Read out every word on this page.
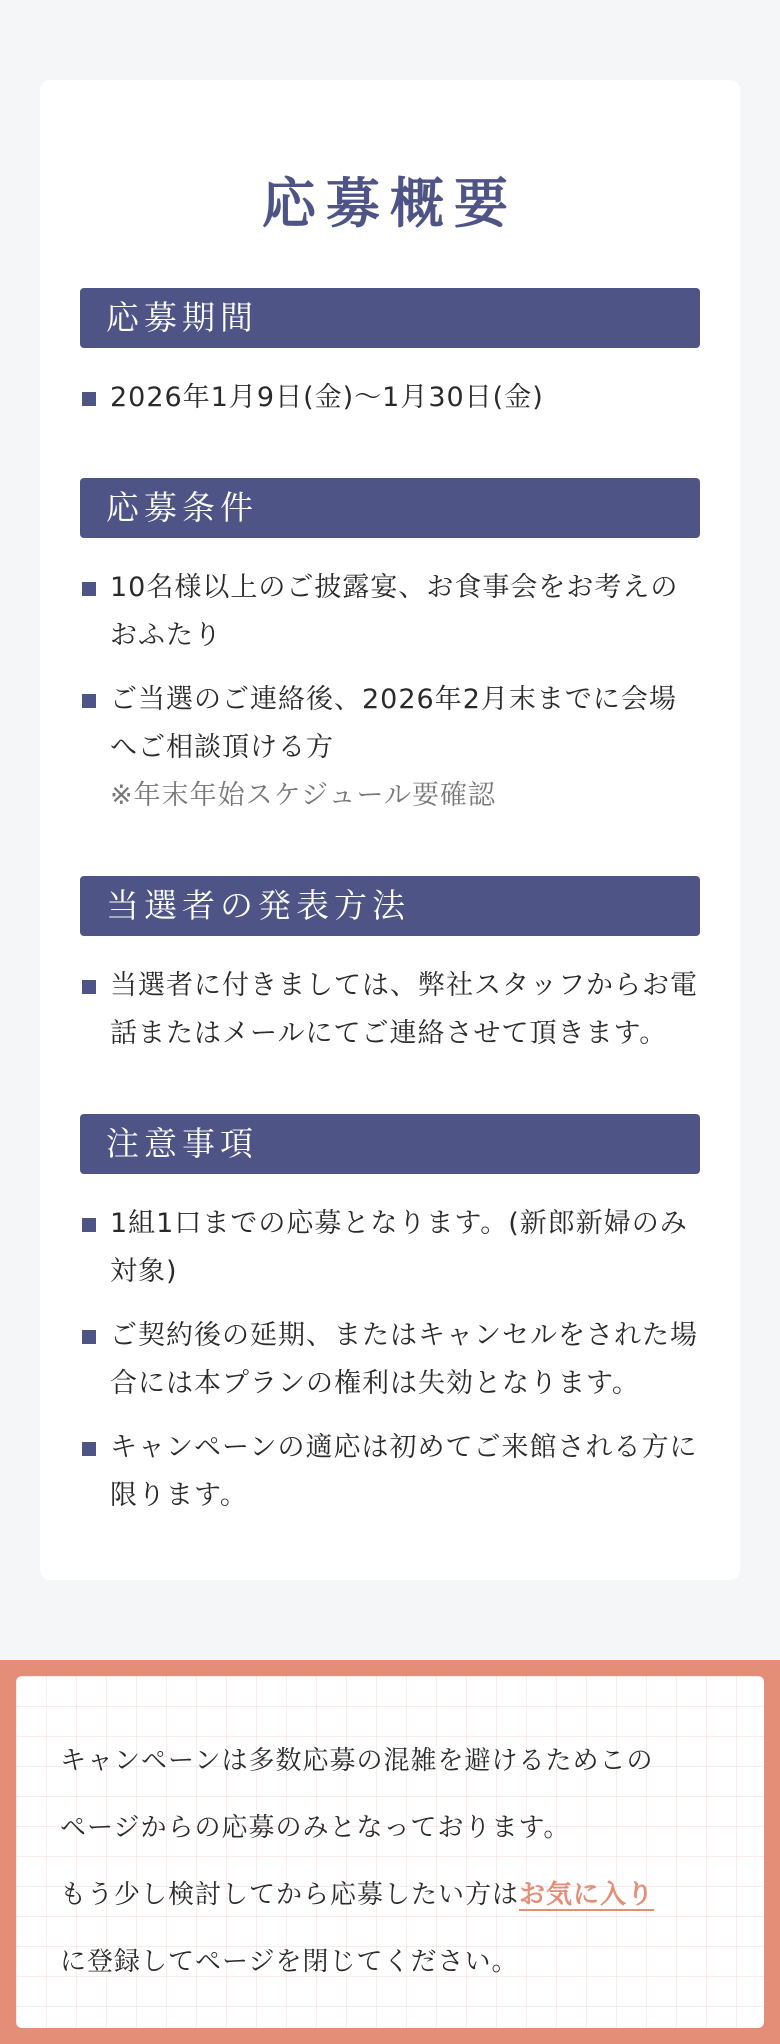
応募概要
応募期間
2026年1月9日(金)〜1月30日(金)
応募条件
10名様以上のご披露宴、お食事会をお考えのおふたり
ご当選のご連絡後、2026年2月末までに会場へご相談頂ける方
※年末年始スケジュール要確認
当選者の発表方法
当選者に付きましては、弊社スタッフからお電話またはメールにてご連絡させて頂きます。
注意事項
1組1口までの応募となります。(新郎新婦のみ対象)
ご契約後の延期、またはキャンセルをされた場合には本プランの権利は失効となります。
キャンペーンの適応は初めてご来館される方に限ります。

キャンペーンは多数応募の混雑を避けるためこの

ページからの応募のみとなっております。

もう少し検討してから応募したい方はお気に入り

に登録してページを閉じてください。
